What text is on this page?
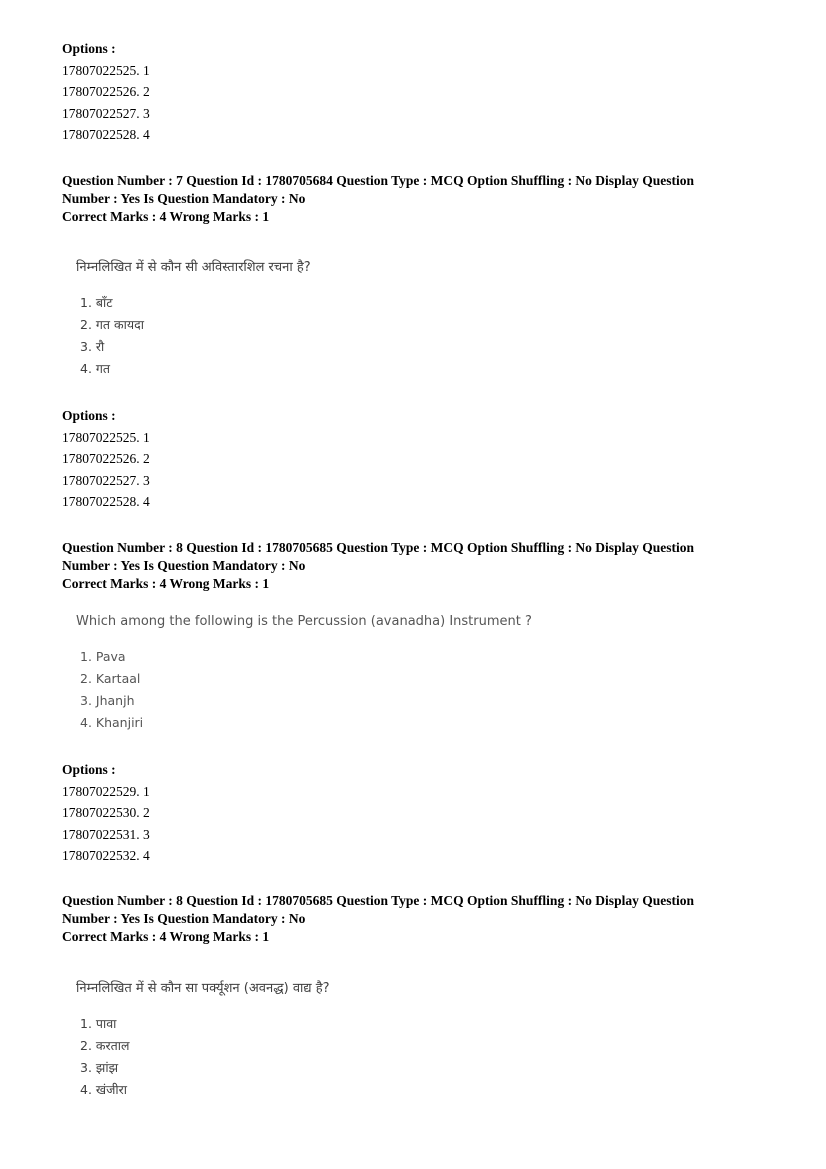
Options :
17807022525. 1
17807022526. 2
17807022527. 3
17807022528. 4
Question Number : 7 Question Id : 1780705684 Question Type : MCQ Option Shuffling : No Display Question
Number : Yes Is Question Mandatory : No
Correct Marks : 4 Wrong Marks : 1
निम्नलिखित में से कौन सी अविस्तारशिल रचना है?
1. बाँट
2. गत कायदा
3. रौ
4. गत
Options :
17807022525. 1
17807022526. 2
17807022527. 3
17807022528. 4
Question Number : 8 Question Id : 1780705685 Question Type : MCQ Option Shuffling : No Display Question
Number : Yes Is Question Mandatory : No
Correct Marks : 4 Wrong Marks : 1
Which among the following is the Percussion (avanadha) Instrument ?
1. Pava
2. Kartaal
3. Jhanjh
4. Khanjiri
Options :
17807022529. 1
17807022530. 2
17807022531. 3
17807022532. 4
Question Number : 8 Question Id : 1780705685 Question Type : MCQ Option Shuffling : No Display Question
Number : Yes Is Question Mandatory : No
Correct Marks : 4 Wrong Marks : 1
निम्नलिखित में से कौन सा पर्क्यूशन (अवनद्ध) वाद्य है?
1. पावा
2. करताल
3. झांझ
4. खंजीरा
